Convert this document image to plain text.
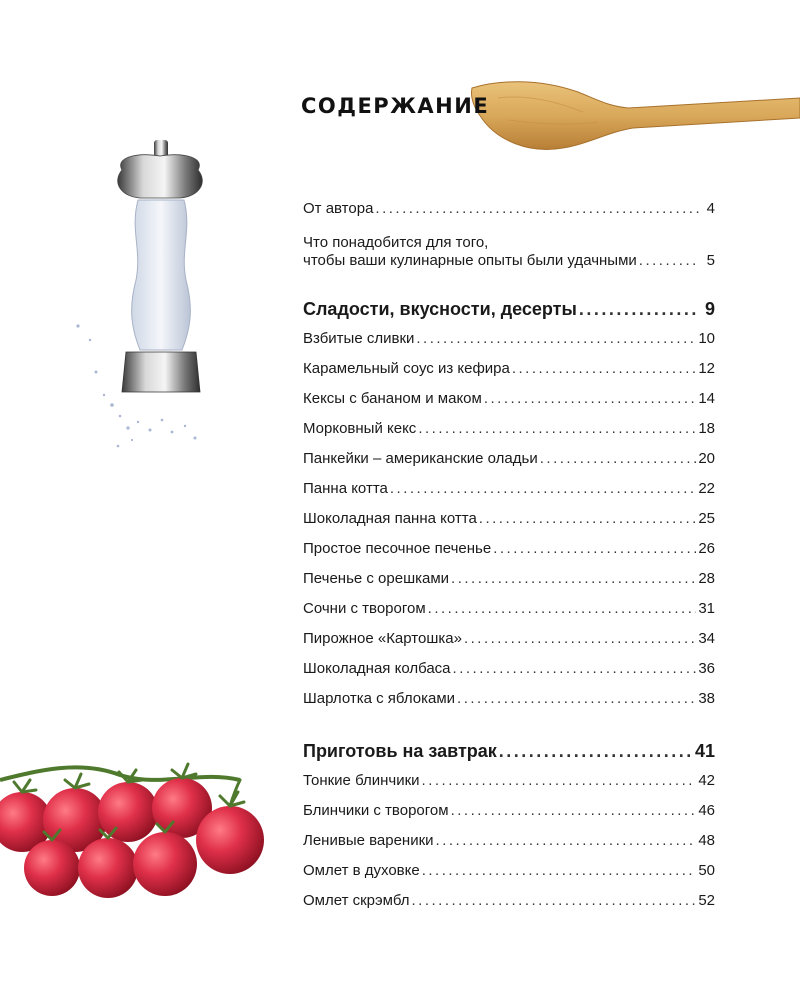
СОДЕРЖАНИЕ
От автора .....	4
Что понадобится для того,
чтобы ваши кулинарные опыты были удачными .....	5
Сладости, вкусности, десерты .....	9
Взбитые сливки .....	10
Карамельный соус из кефира .....	12
Кексы с бананом и маком .....	14
Морковный кекс .....	18
Панкейки – американские оладьи .....	20
Панна котта .....	22
Шоколадная панна котта .....	25
Простое песочное печенье .....	26
Печенье с орешками .....	28
Сочни с творогом .....	31
Пирожное «Картошка» .....	34
Шоколадная колбаса .....	36
Шарлотка с яблоками .....	38
Приготовь на завтрак .....	41
Тонкие блинчики .....	42
Блинчики с творогом .....	46
Ленивые вареники .....	48
Омлет в духовке .....	50
Омлет скрэмбл .....	52
